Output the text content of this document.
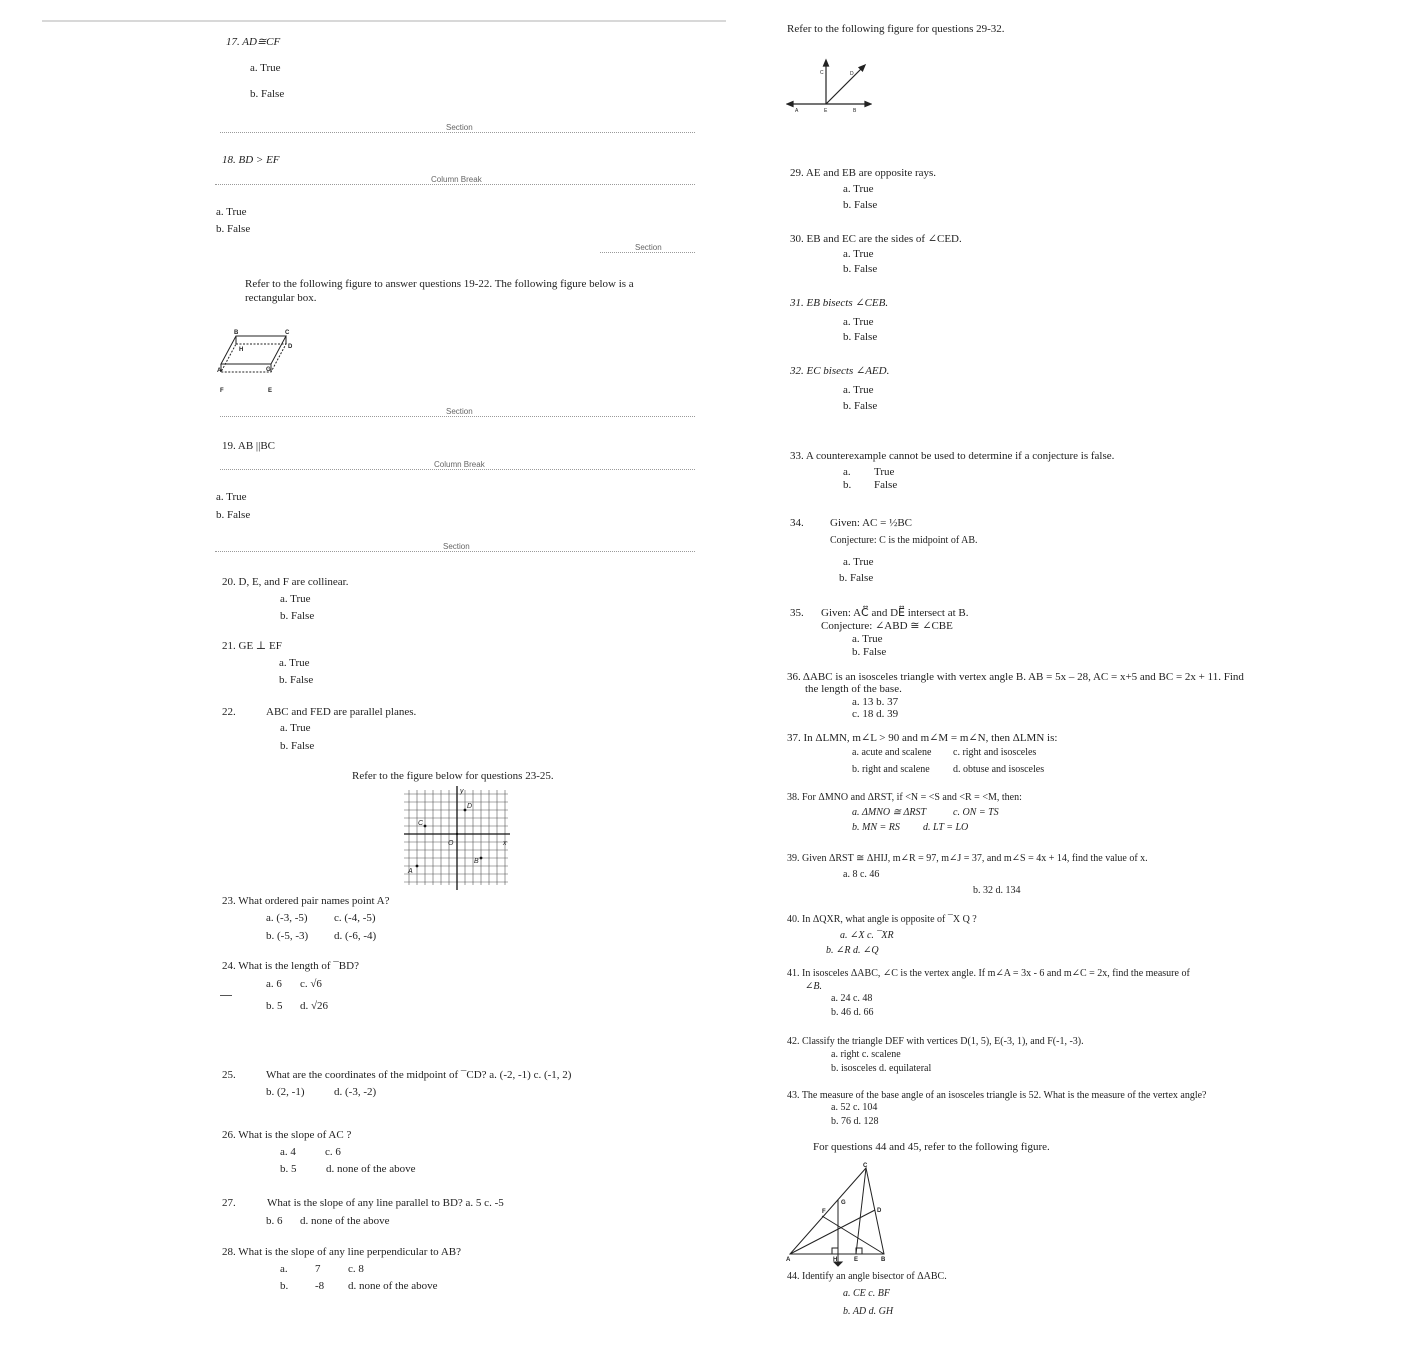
17. AD≅CF
a. True
b. False
Section
18. BD > EF
Column Break
a. True
b. False
Section
Refer to the following figure to answer questions 19-22. The following figure below is a
rectangular box.
B	C
H	D
A	G
F	E
Section
19. AB ||BC
Column Break
a. True
b. False
Section
20. D, E, and F are collinear.
a. True
b. False
21. GE ⊥ EF
a. True
b. False
22.	ABC and FED are parallel planes.
a. True
b. False
Refer to the figure below for questions 23-25.
y
x
D
C
O
B
A
23. What ordered pair names point A?
a. (-3, -5) c. (-4, -5)
b. (-5, -3) d. (-6, -4)
24. What is the length of ¯BD?
a. 6 c. √6
b. 5 d. √26
25.	What are the coordinates of the midpoint of ¯CD? a. (-2, -1) c. (-1, 2)
b. (2, -1)	d. (-3, -2)
26. What is the slope of AC ?
a. 4	c. 6
b. 5	d. none of the above
27.	What is the slope of any line parallel to BD? a. 5 c. -5
b. 6 d. none of the above
28. What is the slope of any line perpendicular to AB?
a. 7	c. 8
b. -8 d. none of the above
Refer to the following figure for questions 29-32.
A	E	B
C	D
29. AE and EB are opposite rays.
a. True
b. False
30. EB and EC are the sides of ∠CED.
a. True
b. False
31. EB bisects ∠CEB.
a. True
b. False
32. EC bisects ∠AED.
a. True
b. False
33. A counterexample cannot be used to determine if a conjecture is false.
a. True
b. False
34. Given: AC = ½BC
Conjecture: C is the midpoint of AB.
a. True
b. False
35. Given: AC⃡ and DE⃡ intersect at B.
Conjecture: ∠ABD ≅ ∠CBE
a. True
b. False
36. ΔABC is an isosceles triangle with vertex angle B. AB = 5x – 28, AC = x+5 and BC = 2x + 11. Find
the length of the base.
a. 13 b. 37
c. 18 d. 39
37. In ΔLMN, m∠L > 90 and m∠M = m∠N, then ΔLMN is:
a. acute and scalene c. right and isosceles
b. right and scalene d. obtuse and isosceles
38. For ΔMNO and ΔRST, if <N = <S and <R = <M, then:
a. ΔMNO ≅ ΔRST	c. ON = TS
b. MN = RS d. LT = LO
39. Given ΔRST ≅ ΔHIJ, m∠R = 97, m∠J = 37, and m∠S = 4x + 14, find the value of x.
a. 8 c. 46
b. 32 d. 134
40. In ΔQXR, what angle is opposite of ¯X Q ?
a. ∠X c. ¯XR
b. ∠R d. ∠Q
41. In isosceles ΔABC, ∠C is the vertex angle. If m∠A = 3x - 6 and m∠C = 2x, find the measure of
∠B.
a. 24 c. 48
b. 46 d. 66
42. Classify the triangle DEF with vertices D(1, 5), E(-3, 1), and F(-1, -3).
a. right c. scalene
b. isosceles d. equilateral
43. The measure of the base angle of an isosceles triangle is 52. What is the measure of the vertex angle?
a. 52 c. 104
b. 76 d. 128
For questions 44 and 45, refer to the following figure.
C
G
F	D
A	H	E	B
44. Identify an angle bisector of ΔABC.
a. CE c. BF
b. AD d. GH
